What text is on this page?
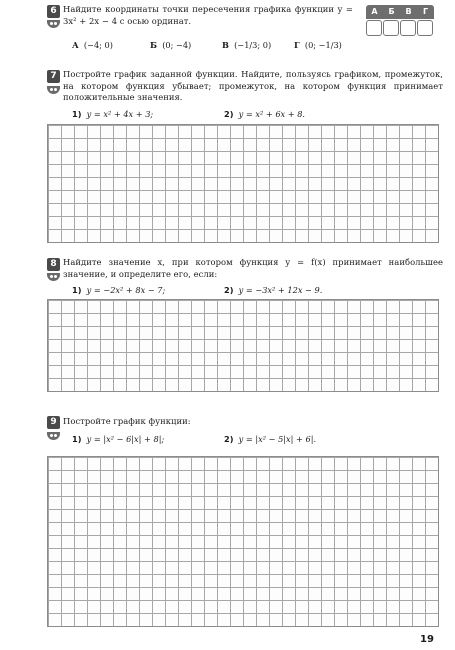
6 Найдите координаты точки пересечения графика функции y = 3x² + 2x − 4 с осью ординат.
А (−4; 0)	Б (0; −4)	В (−1/3; 0)	Г (0; −1/3)
А	Б	В	Г
7 Постройте график заданной функции. Найдите, пользуясь графиком, промежуток, на котором функция убывает; промежуток, на котором функция принимает положительные значения.
1) y = x² + 4x + 3;	2) y = x² + 6x + 8.
8 Найдите значение x, при котором функция y = f(x) принимает наибольшее значение, и определите его, если:
1) y = −2x² + 8x − 7;	2) y = −3x² + 12x − 9.
9 Постройте график функции:
1) y = |x² − 6|x| + 8|;	2) y = |x² − 5|x| + 6|.
19
